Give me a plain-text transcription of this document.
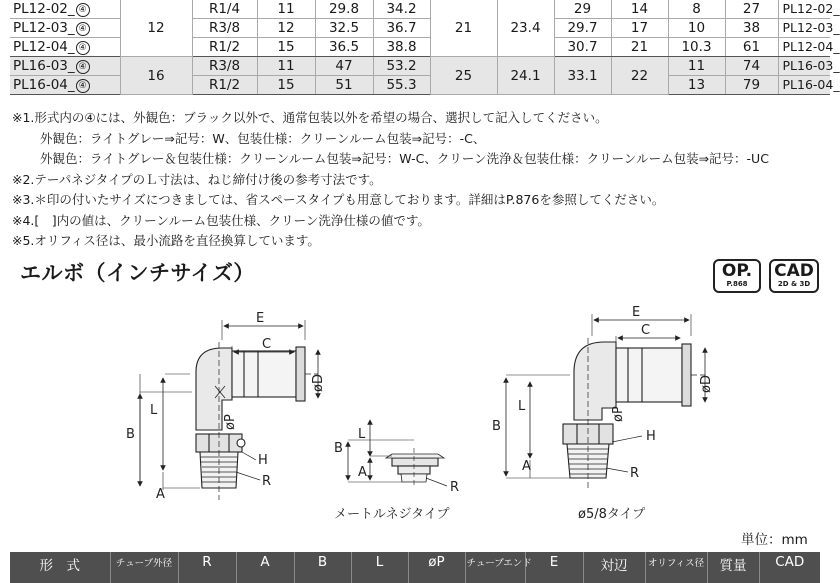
PL12-02_ ④	12	R1/4	11	29.8	34.2	21	23.4	29	14	8	27	PL12-02_
PL12-03_ ④		R3/8	12	32.5	36.7			29.7	17	10	38	PL12-03_
PL12-04_ ④		R1/2	15	36.5	38.8			30.7	21	10.3	61	PL12-04_
PL16-03_ ④	16	R3/8	11	47	53.2	25	24.1	33.1	22	11	74	PL16-03_
PL16-04_ ④		R1/2	15	51	55.3					13	79	PL16-04_
※1.形式内の④には、外観色：ブラック以外で、通常包装以外を希望の場合、選択して記入してください。
外観色：ライトグレー⇒記号：W、包装仕様：クリーンルーム包装⇒記号：-C、
外観色：ライトグレー＆包装仕様：クリーンルーム包装⇒記号：W-C、クリーン洗浄＆包装仕様：クリーンルーム包装⇒記号：-UC
※2.テーパネジタイプのＬ寸法は、ねじ締付け後の参考寸法です。
※3.＊印の付いたサイズにつきましては、省スペースタイプも用意しております。詳細はP.876を参照してください。
※4.[　]内の値は、クリーンルーム包装仕様、クリーン洗浄仕様の値です。
※5.オリフィス径は、最小流路を直径換算しています。
エルボ（インチサイズ）	OP.
P.868
CAD
2D & 3D
E
C
øD
øP
L
B
A
H
R
B
L
A
R
メートルネジタイプ
E
C
øD
øP
B
L
A
H
R
ø5/8タイプ
単位：mm
形　式	チューブ外径	R	A	B	L	øP	チューブエンド	E	対辺	オリフィス径	質量	CAD
